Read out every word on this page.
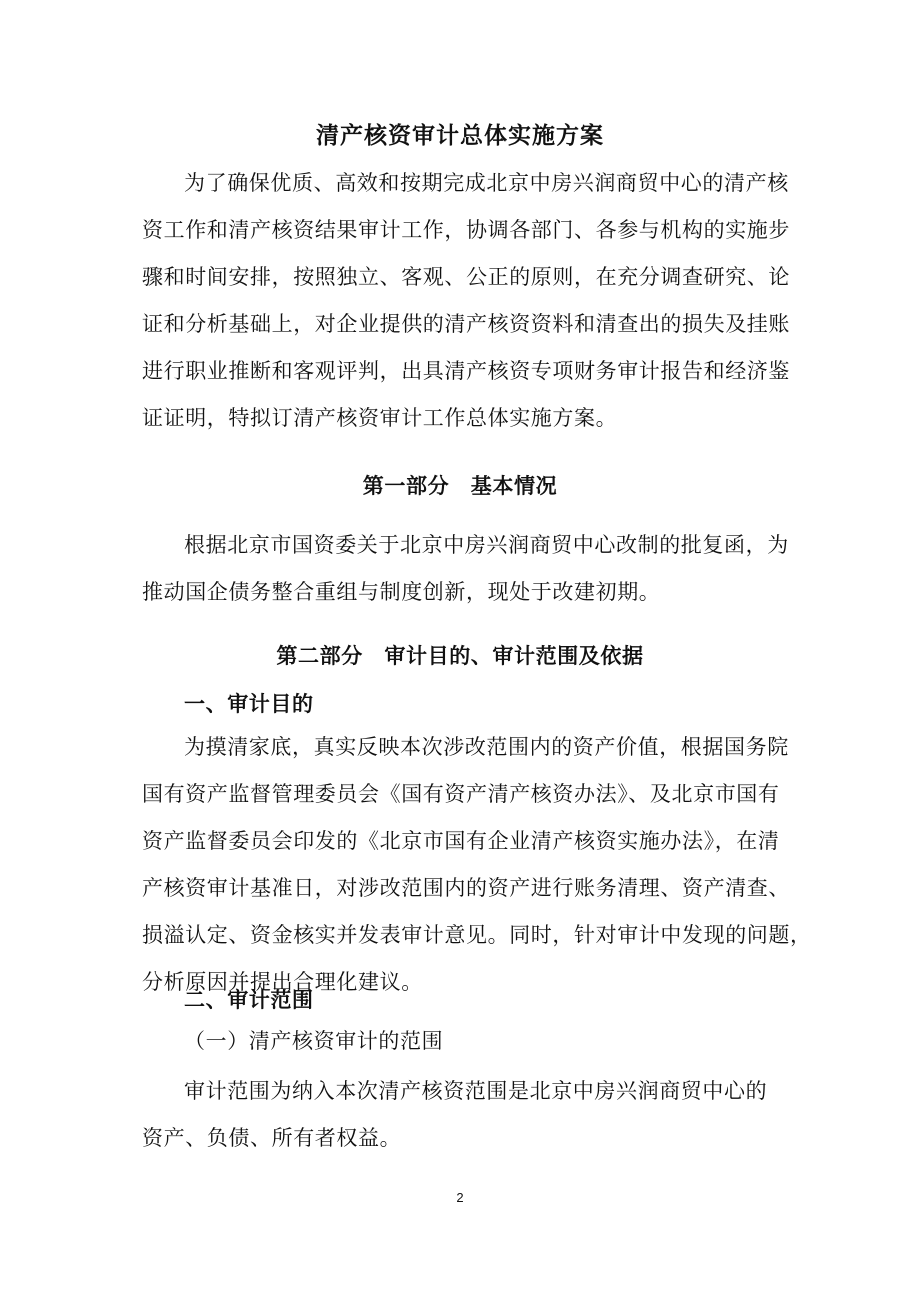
清产核资审计总体实施方案
为了确保优质、高效和按期完成北京中房兴润商贸中心的清产核
资工作和清产核资结果审计工作，协调各部门、各参与机构的实施步
骤和时间安排，按照独立、客观、公正的原则，在充分调查研究、论
证和分析基础上，对企业提供的清产核资资料和清查出的损失及挂账
进行职业推断和客观评判，出具清产核资专项财务审计报告和经济鉴
证证明，特拟订清产核资审计工作总体实施方案。
第一部分　基本情况
根据北京市国资委关于北京中房兴润商贸中心改制的批复函，为
推动国企债务整合重组与制度创新，现处于改建初期。
第二部分　审计目的、审计范围及依据
一、审计目的
为摸清家底，真实反映本次涉改范围内的资产价值，根据国务院
国有资产监督管理委员会《国有资产清产核资办法》、及北京市国有
资产监督委员会印发的《北京市国有企业清产核资实施办法》，在清
产核资审计基准日，对涉改范围内的资产进行账务清理、资产清查、
损溢认定、资金核实并发表审计意见。同时，针对审计中发现的问题，
分析原因并提出合理化建议。
二、审计范围
（一）清产核资审计的范围
审计范围为纳入本次清产核资范围是北京中房兴润商贸中心的
资产、负债、所有者权益。
2
